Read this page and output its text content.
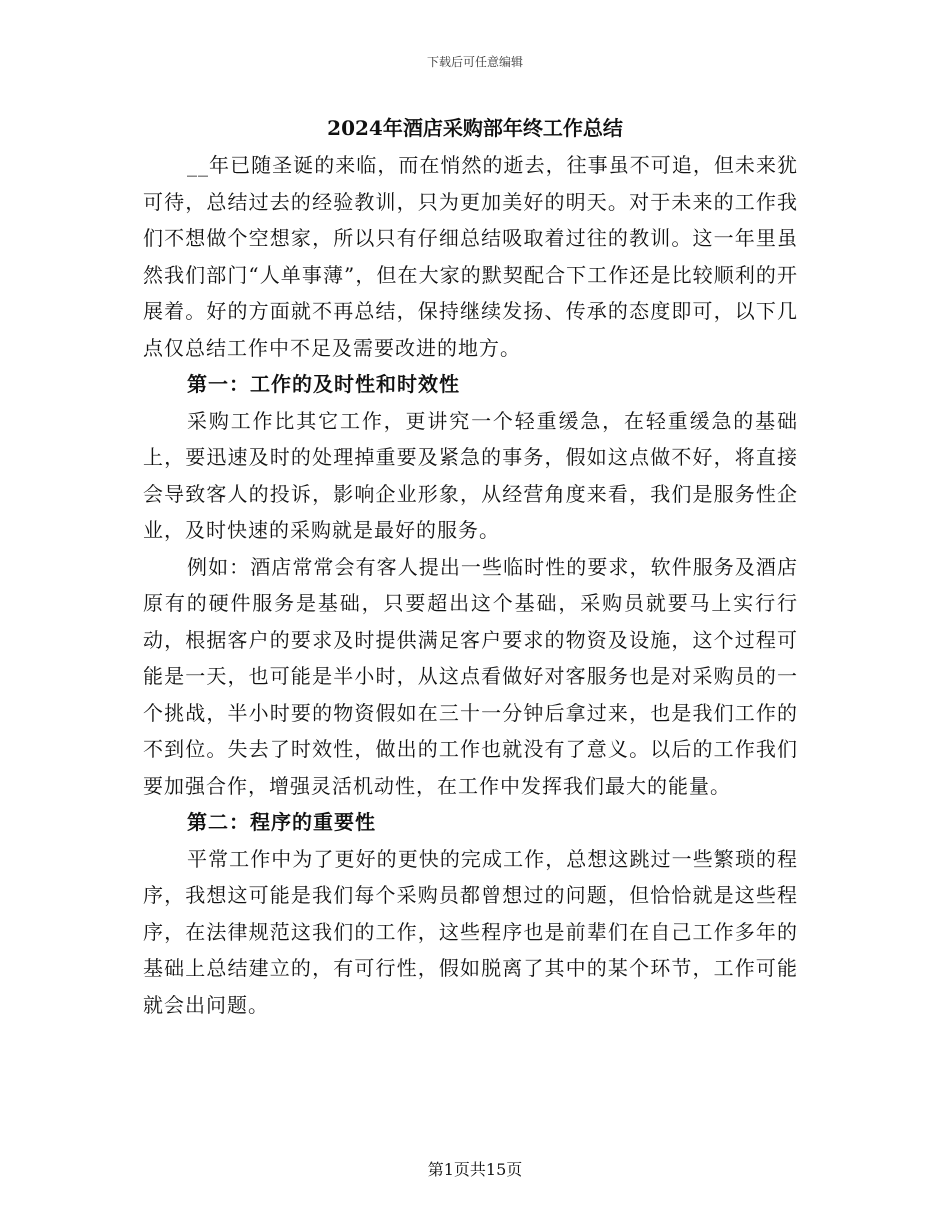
下载后可任意编辑
2024年酒店采购部年终工作总结

__年已随圣诞的来临，而在悄然的逝去，往事虽不可追，但未来犹可待，总结过去的经验教训，只为更加美好的明天。对于未来的工作我们不想做个空想家，所以只有仔细总结吸取着过往的教训。这一年里虽然我们部门“人单事薄”，但在大家的默契配合下工作还是比较顺利的开展着。好的方面就不再总结，保持继续发扬、传承的态度即可，以下几点仅总结工作中不足及需要改进的地方。

第一：工作的及时性和时效性

采购工作比其它工作，更讲究一个轻重缓急，在轻重缓急的基础上，要迅速及时的处理掉重要及紧急的事务，假如这点做不好，将直接会导致客人的投诉，影响企业形象，从经营角度来看，我们是服务性企业，及时快速的采购就是最好的服务。

例如：酒店常常会有客人提出一些临时性的要求，软件服务及酒店原有的硬件服务是基础，只要超出这个基础，采购员就要马上实行行动，根据客户的要求及时提供满足客户要求的物资及设施，这个过程可能是一天，也可能是半小时，从这点看做好对客服务也是对采购员的一个挑战，半小时要的物资假如在三十一分钟后拿过来，也是我们工作的不到位。失去了时效性，做出的工作也就没有了意义。以后的工作我们要加强合作，增强灵活机动性，在工作中发挥我们最大的能量。

第二：程序的重要性

平常工作中为了更好的更快的完成工作，总想这跳过一些繁琐的程序，我想这可能是我们每个采购员都曾想过的问题，但恰恰就是这些程序，在法律规范这我们的工作，这些程序也是前辈们在自己工作多年的基础上总结建立的，有可行性，假如脱离了其中的某个环节，工作可能就会出问题。

第1页共15页
